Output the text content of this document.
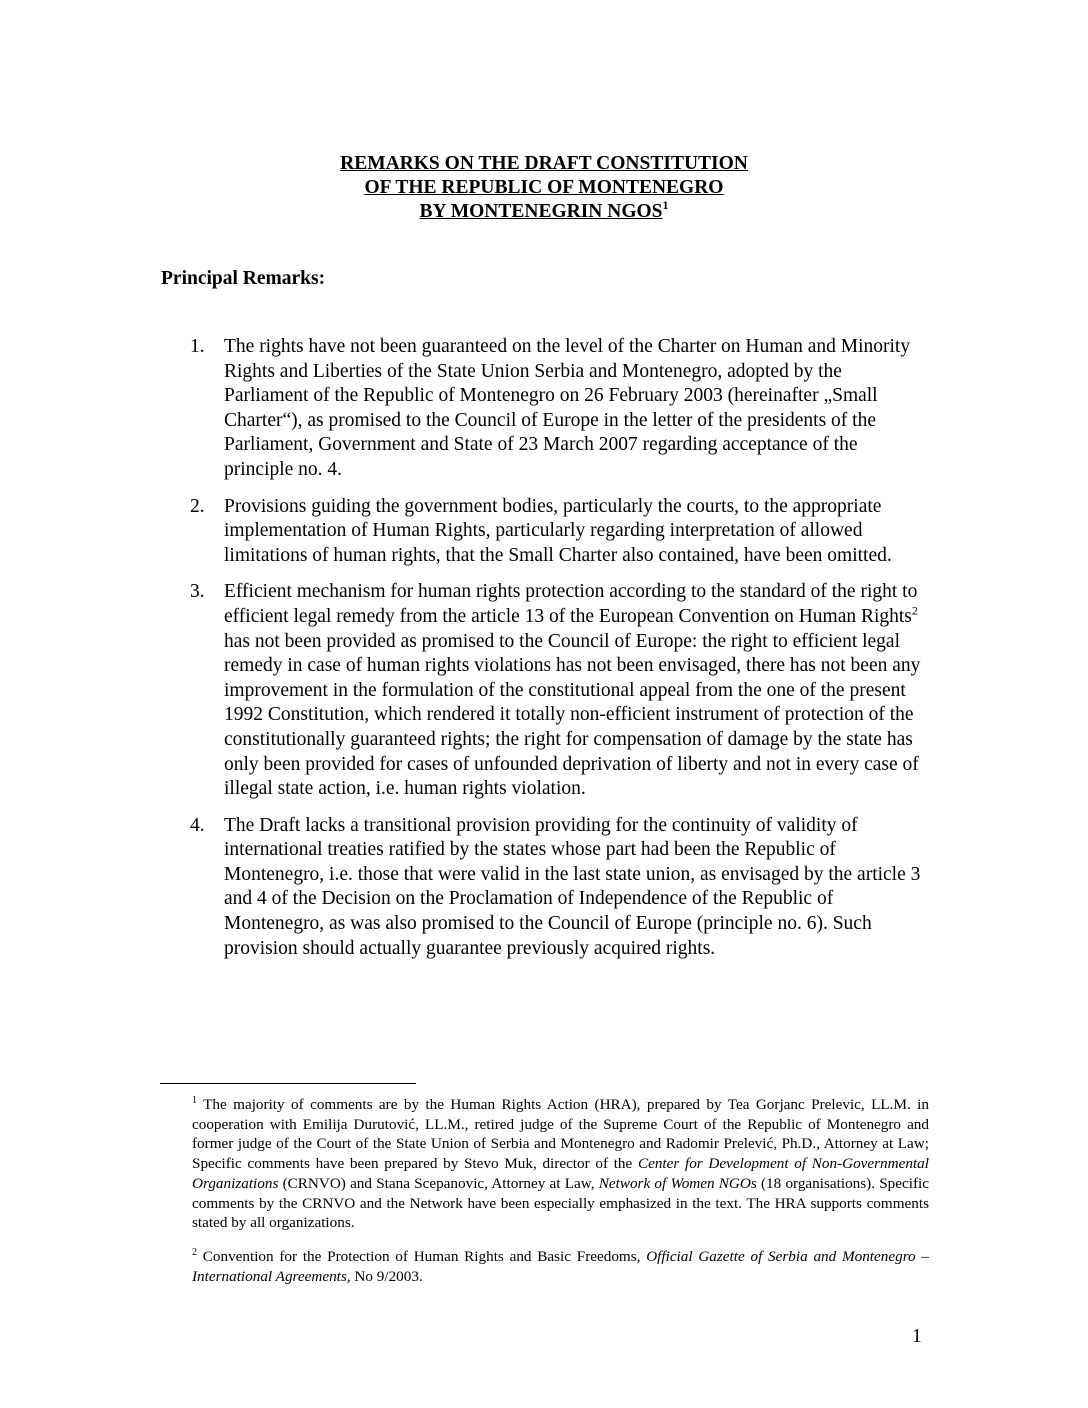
REMARKS ON THE DRAFT CONSTITUTION
OF THE REPUBLIC OF MONTENEGRO
BY MONTENEGRIN NGOS$^1$
Principal Remarks:
1. The rights have not been guaranteed on the level of the Charter on Human and Minority Rights and Liberties of the State Union Serbia and Montenegro, adopted by the Parliament of the Republic of Montenegro on 26 February 2003 (hereinafter „Small Charter“), as promised to the Council of Europe in the letter of the presidents of the Parliament, Government and State of 23 March 2007 regarding acceptance of the principle no. 4.
2. Provisions guiding the government bodies, particularly the courts, to the appropriate implementation of Human Rights, particularly regarding interpretation of allowed limitations of human rights, that the Small Charter also contained, have been omitted.
3. Efficient mechanism for human rights protection according to the standard of the right to efficient legal remedy from the article 13 of the European Convention on Human Rights$^2$ has not been provided as promised to the Council of Europe: the right to efficient legal remedy in case of human rights violations has not been envisaged, there has not been any improvement in the formulation of the constitutional appeal from the one of the present 1992 Constitution, which rendered it totally non-efficient instrument of protection of the constitutionally guaranteed rights; the right for compensation of damage by the state has only been provided for cases of unfounded deprivation of liberty and not in every case of illegal state action, i.e. human rights violation.
4. The Draft lacks a transitional provision providing for the continuity of validity of international treaties ratified by the states whose part had been the Republic of Montenegro, i.e. those that were valid in the last state union, as envisaged by the article 3 and 4 of the Decision on the Proclamation of Independence of the Republic of Montenegro, as was also promised to the Council of Europe (principle no. 6). Such provision should actually guarantee previously acquired rights.
$^1$ The majority of comments are by the Human Rights Action (HRA), prepared by Tea Gorjanc Prelevic, LL.M. in cooperation with Emilija Durutović, LL.M., retired judge of the Supreme Court of the Republic of Montenegro and former judge of the Court of the State Union of Serbia and Montenegro and Radomir Prelević, Ph.D., Attorney at Law; Specific comments have been prepared by Stevo Muk, director of the Center for Development of Non-Governmental Organizations (CRNVO) and Stana Scepanovic, Attorney at Law, Network of Women NGOs (18 organisations). Specific comments by the CRNVO and the Network have been especially emphasized in the text. The HRA supports comments stated by all organizations.
$^2$ Convention for the Protection of Human Rights and Basic Freedoms, Official Gazette of Serbia and Montenegro – International Agreements, No 9/2003.
1
